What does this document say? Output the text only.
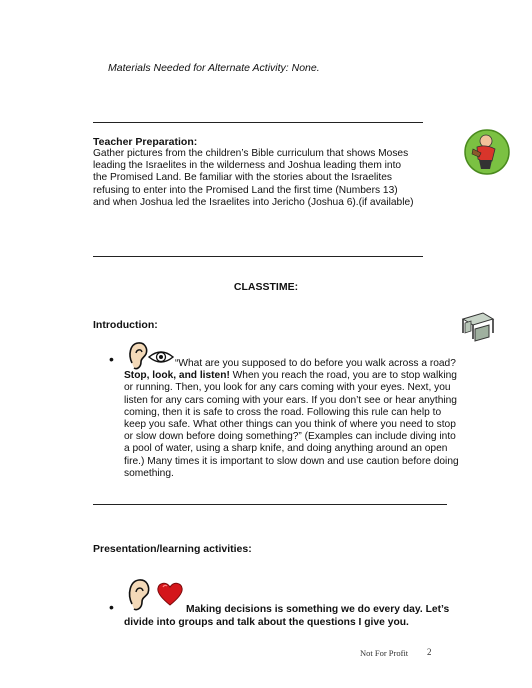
Materials Needed for Alternate Activity: None.
Teacher Preparation:
Gather pictures from the children’s Bible curriculum that shows Moses
leading the Israelites in the wilderness and Joshua leading them into
the Promised Land. Be familiar with the stories about the Israelites
refusing to enter into the Promised Land the first time (Numbers 13)
and when Joshua led the Israelites into Jericho (Joshua 6).(if available)
CLASSTIME:
Introduction:
•	“What are you supposed to do before you walk across a road?
Stop, look, and listen! When you reach the road, you are to stop walking or running. Then, you look for any cars coming with your eyes. Next, you listen for any cars coming with your ears. If you don’t see or hear anything coming, then it is safe to cross the road. Following this rule can help to keep you safe. What other things can you think of where you need to stop or slow down before doing something?” (Examples can include diving into a pool of water, using a sharp knife, and doing anything around an open fire.) Many times it is important to slow down and use caution before doing something.
Presentation/learning activities:
•	Making decisions is something we do every day. Let’s divide into groups and talk about the questions I give you.
Not For Profit 2
